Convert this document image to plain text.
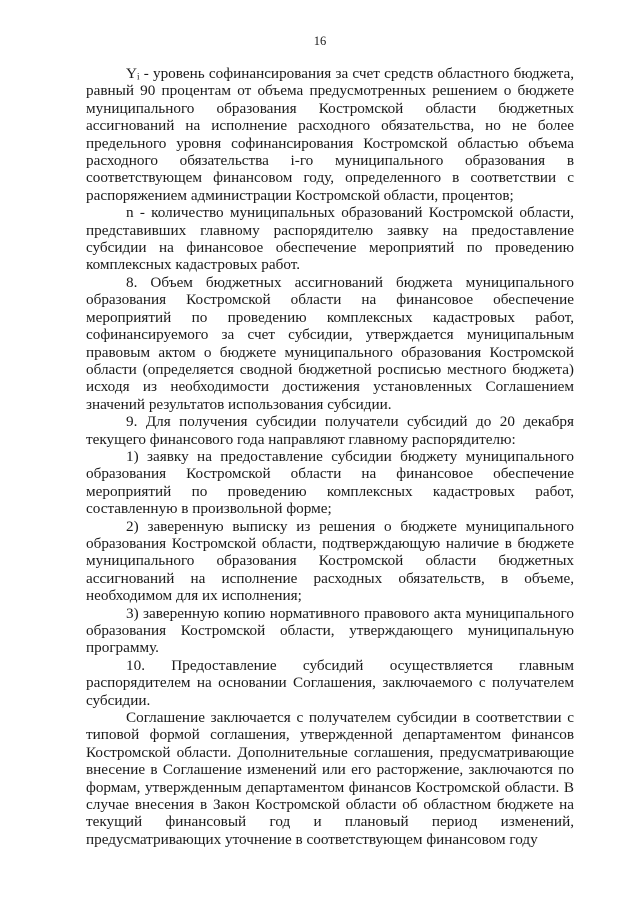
16

Yᵢ - уровень софинансирования за счет средств областного бюджета, равный 90 процентам от объема предусмотренных решением о бюджете муниципального образования Костромской области бюджетных ассигнований на исполнение расходного обязательства, но не более предельного уровня софинансирования Костромской областью объема расходного обязательства i-го муниципального образования в соответствующем финансовом году, определенного в соответствии с распоряжением администрации Костромской области, процентов;

n - количество муниципальных образований Костромской области, представивших главному распорядителю заявку на предоставление субсидии на финансовое обеспечение мероприятий по проведению комплексных кадастровых работ.

8. Объем бюджетных ассигнований бюджета муниципального образования Костромской области на финансовое обеспечение мероприятий по проведению комплексных кадастровых работ, софинансируемого за счет субсидии, утверждается муниципальным правовым актом о бюджете муниципального образования Костромской области (определяется сводной бюджетной росписью местного бюджета) исходя из необходимости достижения установленных Соглашением значений результатов использования субсидии.

9. Для получения субсидии получатели субсидий до 20 декабря текущего финансового года направляют главному распорядителю:

1) заявку на предоставление субсидии бюджету муниципального образования Костромской области на финансовое обеспечение мероприятий по проведению комплексных кадастровых работ, составленную в произвольной форме;

2) заверенную выписку из решения о бюджете муниципального образования Костромской области, подтверждающую наличие в бюджете муниципального образования Костромской области бюджетных ассигнований на исполнение расходных обязательств, в объеме, необходимом для их исполнения;

3) заверенную копию нормативного правового акта муниципального образования Костромской области, утверждающего муниципальную программу.

10. Предоставление субсидий осуществляется главным распорядителем на основании Соглашения, заключаемого с получателем субсидии.

Соглашение заключается с получателем субсидии в соответствии с типовой формой соглашения, утвержденной департаментом финансов Костромской области. Дополнительные соглашения, предусматривающие внесение в Соглашение изменений или его расторжение, заключаются по формам, утвержденным департаментом финансов Костромской области. В случае внесения в Закон Костромской области об областном бюджете на текущий финансовый год и плановый период изменений, предусматривающих уточнение в соответствующем финансовом году
